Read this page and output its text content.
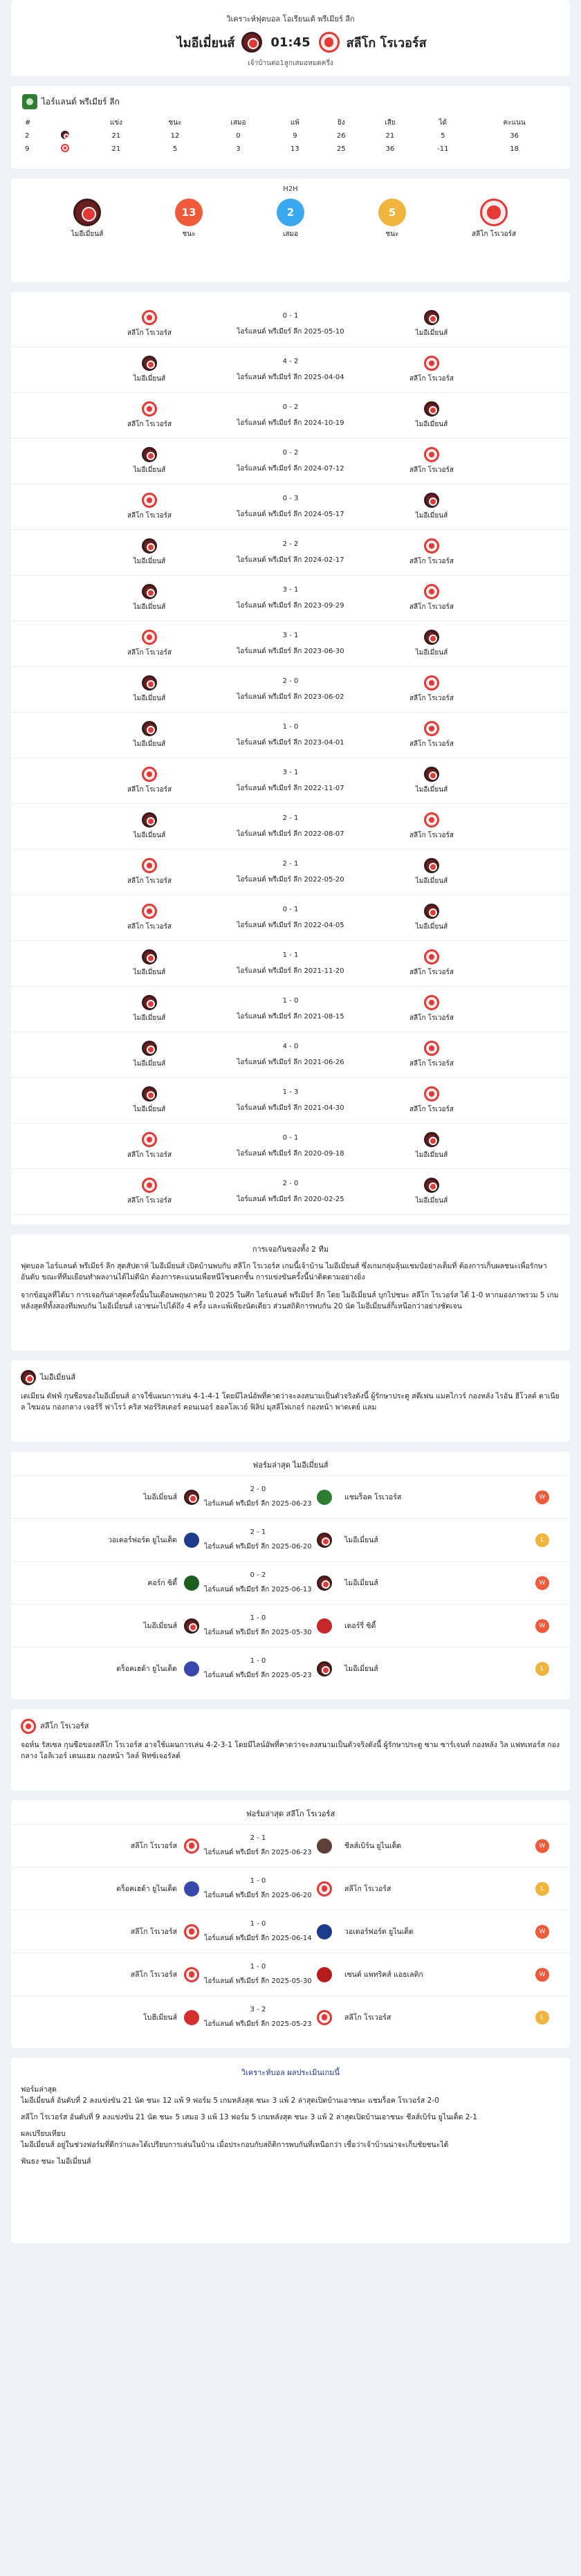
วิเคราะห์ฟุตบอล โอเรียนเต้ พรีเมียร์ ลีก
ไมอีเมี่ยนส์	01:45	สลีโก โรเวอร์ส
เจ้าบ้านต่อ1ลูกเสมอหมดครึ่ง
ไอร์แลนด์ พรีเมียร์ ลีก
#		แข่ง	ชนะ	เสมอ	แพ้	ยิง	เสีย	ได้	คะแนน
2		21	12	0	9	26	21	5	36
9		21	5	3	13	25	36	-11	18
H2H
ไมอีเมี่ยนส์
13
ชนะ
2
เสมอ
5
ชนะ	สลีโก โรเวอร์ส
สลีโก โรเวอร์ส
0 - 1
ไอร์แลนด์ พรีเมียร์ ลีก 2025-05-10	ไมอีเมี่ยนส์
ไมอีเมี่ยนส์
4 - 2
ไอร์แลนด์ พรีเมียร์ ลีก 2025-04-04	สลีโก โรเวอร์ส
สลีโก โรเวอร์ส
0 - 2
ไอร์แลนด์ พรีเมียร์ ลีก 2024-10-19	ไมอีเมี่ยนส์
ไมอีเมี่ยนส์
0 - 2
ไอร์แลนด์ พรีเมียร์ ลีก 2024-07-12	สลีโก โรเวอร์ส
สลีโก โรเวอร์ส
0 - 3
ไอร์แลนด์ พรีเมียร์ ลีก 2024-05-17	ไมอีเมี่ยนส์
ไมอีเมี่ยนส์
2 - 2
ไอร์แลนด์ พรีเมียร์ ลีก 2024-02-17	สลีโก โรเวอร์ส
ไมอีเมี่ยนส์
3 - 1
ไอร์แลนด์ พรีเมียร์ ลีก 2023-09-29	สลีโก โรเวอร์ส
สลีโก โรเวอร์ส
3 - 1
ไอร์แลนด์ พรีเมียร์ ลีก 2023-06-30	ไมอีเมี่ยนส์
ไมอีเมี่ยนส์
2 - 0
ไอร์แลนด์ พรีเมียร์ ลีก 2023-06-02	สลีโก โรเวอร์ส
ไมอีเมี่ยนส์
1 - 0
ไอร์แลนด์ พรีเมียร์ ลีก 2023-04-01	สลีโก โรเวอร์ส
สลีโก โรเวอร์ส
3 - 1
ไอร์แลนด์ พรีเมียร์ ลีก 2022-11-07	ไมอีเมี่ยนส์
ไมอีเมี่ยนส์
2 - 1
ไอร์แลนด์ พรีเมียร์ ลีก 2022-08-07	สลีโก โรเวอร์ส
สลีโก โรเวอร์ส
2 - 1
ไอร์แลนด์ พรีเมียร์ ลีก 2022-05-20	ไมอีเมี่ยนส์
สลีโก โรเวอร์ส
0 - 1
ไอร์แลนด์ พรีเมียร์ ลีก 2022-04-05	ไมอีเมี่ยนส์
ไมอีเมี่ยนส์
1 - 1
ไอร์แลนด์ พรีเมียร์ ลีก 2021-11-20	สลีโก โรเวอร์ส
ไมอีเมี่ยนส์
1 - 0
ไอร์แลนด์ พรีเมียร์ ลีก 2021-08-15	สลีโก โรเวอร์ส
ไมอีเมี่ยนส์
4 - 0
ไอร์แลนด์ พรีเมียร์ ลีก 2021-06-26	สลีโก โรเวอร์ส
ไมอีเมี่ยนส์
1 - 3
ไอร์แลนด์ พรีเมียร์ ลีก 2021-04-30	สลีโก โรเวอร์ส
สลีโก โรเวอร์ส
0 - 1
ไอร์แลนด์ พรีเมียร์ ลีก 2020-09-18	ไมอีเมี่ยนส์
สลีโก โรเวอร์ส
2 - 0
ไอร์แลนด์ พรีเมียร์ ลีก 2020-02-25	ไมอีเมี่ยนส์
การเจอกันของทั้ง 2 ทีม

ฟุตบอล ไอร์แลนด์ พรีเมียร์ ลีก สุดสัปดาห์ ไมอีเมี่ยนส์ เปิดบ้านพบกับ สลีโก โรเวอร์ส เกมนี้เจ้าบ้าน ไมอีเมี่ยนส์ ซึ่งเกมกลุ่มลุ้นแชมป์อย่างเต็มที่ ต้องการเก็บผลชนะเพื่อรักษาอันดับ ขณะที่ทีมเยือนทำผลงานได้ไม่ดีนัก ต้องการคะแนนเพื่อหนีโซนตกชั้น การแข่งขันครั้งนี้น่าติดตามอย่างยิ่ง

จากข้อมูลที่ได้มา การเจอกันล่าสุดครั้งนั้นในเดือนพฤษภาคม ปี 2025 ในศึก ไอร์แลนด์ พรีเมียร์ ลีก โดย ไมอีเมี่ยนส์ บุกไปชนะ สลีโก โรเวอร์ส ได้ 1-0 หากมองภาพรวม 5 เกมหลังสุดที่ทั้งสองทีมพบกัน ไมอีเมี่ยนส์ เอาชนะไปได้ถึง 4 ครั้ง และแพ้เพียงนัดเดียว ส่วนสถิติการพบกัน 20 นัด ไมอีเมี่ยนส์ก็เหนือกว่าอย่างชัดเจน

ไมอีเมี่ยนส์

เดเมียน ดัฟฟ์ กุนซือของไมอีเมี่ยนส์ อาจใช้แผนการเล่น 4-1-4-1 โดยมีไลน์อัพที่คาดว่าจะลงสนามเป็นตัวจริงดังนี้ ผู้รักษาประตู สตีเฟน แมคไกวร์ กองหลัง ไรอัน ฮีโวลด์ ดาเนียล ไซมอน กองกลาง เจอร์รี่ ฟาโรว์ คริส ฟอร์ริสเตอร์ คอนเนอร์ ฮอลโลเวย์ ฟิลิป มุสลีโฟเกอร์ กองหน้า พาดเดย์ แลม

ฟอร์มล่าสุด ไมอีเมี่ยนส์
ไมอีเมี่ยนส์
2 - 0
ไอร์แลนด์ พรีเมียร์ ลีก 2025-06-23
แชมร็อค โรเวอร์ส	W
วอเตอร์ฟอร์ด ยูไนเต็ด
2 - 1
ไอร์แลนด์ พรีเมียร์ ลีก 2025-06-20
ไมอีเมี่ยนส์	L
คอร์ก ซิตี้
0 - 2
ไอร์แลนด์ พรีเมียร์ ลีก 2025-06-13
ไมอีเมี่ยนส์	W
ไมอีเมี่ยนส์
1 - 0
ไอร์แลนด์ พรีเมียร์ ลีก 2025-05-30
เดอร์รี่ ซิตี้	W
ดร็อคเฮด้า ยูไนเต็ด
1 - 0
ไอร์แลนด์ พรีเมียร์ ลีก 2025-05-23
ไมอีเมี่ยนส์	L
สลีโก โรเวอร์ส

จอห์น รัสเซล กุนซือของสลีโก โรเวอร์ส อาจใช้แผนการเล่น 4-2-3-1 โดยมีไลน์อัพที่คาดว่าจะลงสนามเป็นตัวจริงดังนี้ ผู้รักษาประตู ซาม ซาร์เจนท์ กองหลัง วิล แฟทเทอร์ส กองกลาง โอลิเวอร์ เดนแฮม กองหน้า วิลล์ ฟิทซ์เจอรัลด์

ฟอร์มล่าสุด สลีโก โรเวอร์ส
สลีโก โรเวอร์ส
2 - 1
ไอร์แลนด์ พรีเมียร์ ลีก 2025-06-23
ชีลส์เบิร์น ยูไนเต็ด	W
ดร็อคเฮด้า ยูไนเต็ด
1 - 0
ไอร์แลนด์ พรีเมียร์ ลีก 2025-06-20
สลีโก โรเวอร์ส	L
สลีโก โรเวอร์ส
1 - 0
ไอร์แลนด์ พรีเมียร์ ลีก 2025-06-14
วอเตอร์ฟอร์ด ยูไนเต็ด	W
สลีโก โรเวอร์ส
1 - 0
ไอร์แลนด์ พรีเมียร์ ลีก 2025-05-30
เซนต์ แพทริคส์ แอธเลติก	W
โบฮีเมียนส์
3 - 2
ไอร์แลนด์ พรีเมียร์ ลีก 2025-05-23
สลีโก โรเวอร์ส	L
วิเคราะห์บอล ผลประเมินเกมนี้

ฟอร์มล่าสุด

ไมอีเมี่ยนส์ อันดับที่ 2 ลงแข่งขัน 21 นัด ชนะ 12 แพ้ 9 ฟอร์ม 5 เกมหลังสุด ชนะ 3 แพ้ 2 ล่าสุดเปิดบ้านเอาชนะ แชมร็อค โรเวอร์ส 2-0

สลีโก โรเวอร์ส อันดับที่ 9 ลงแข่งขัน 21 นัด ชนะ 5 เสมอ 3 แพ้ 13 ฟอร์ม 5 เกมหลังสุด ชนะ 3 แพ้ 2 ล่าสุดเปิดบ้านเอาชนะ ชีลส์เบิร์น ยูไนเต็ด 2-1

ผลเปรียบเทียบ

ไมอีเมี่ยนส์ อยู่ในช่วงฟอร์มที่ดีกว่าและได้เปรียบการเล่นในบ้าน เมื่อประกอบกับสถิติการพบกันที่เหนือกว่า เชื่อว่าเจ้าบ้านน่าจะเก็บชัยชนะได้

ฟันธง ชนะ ไมอีเมี่ยนส์
